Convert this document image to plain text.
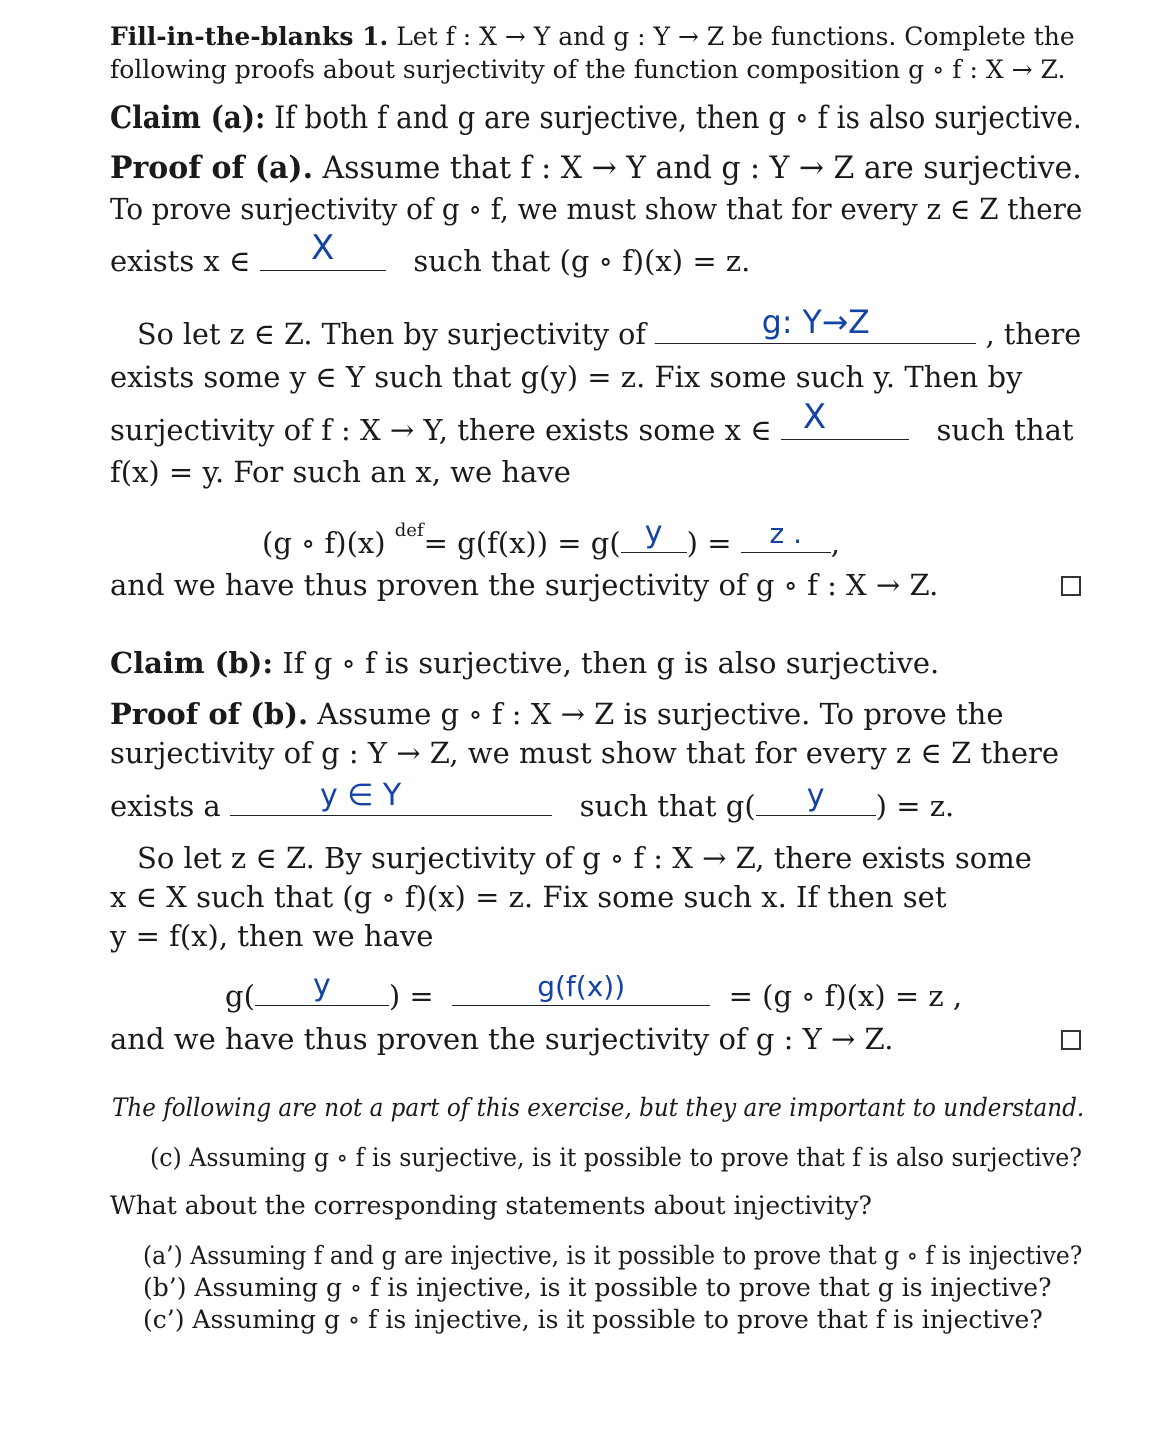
Fill-in-the-blanks 1. Let f : X → Y and g : Y → Z be functions. Complete the
following proofs about surjectivity of the function composition g ∘ f : X → Z.
Claim (a): If both f and g are surjective, then g ∘ f is also surjective.
Proof of (a). Assume that f : X → Y and g : Y → Z are surjective.
To prove surjectivity of g ∘ f, we must show that for every z ∈ Z there
exists x ∈	X	such that (g ∘ f)(x) = z.
So let z ∈ Z. Then by surjectivity of	g: Y→Z	, there
exists some y ∈ Y such that g(y) = z. Fix some such y. Then by
surjectivity of f : X → Y, there exists some x ∈ X	such that
f(x) = y. For such an x, we have
(g ∘ f)(x) $^{def}$= g(f(x)) = g( y ) =	z . ,
and we have thus proven the surjectivity of g ∘ f : X → Z.
Claim (b): If g ∘ f is surjective, then g is also surjective.
Proof of (b). Assume g ∘ f : X → Z is surjective. To prove the
surjectivity of g : Y → Z, we must show that for every z ∈ Z there
exists a	y ∈ Y	such that g(	y	) = z.
So let z ∈ Z. By surjectivity of g ∘ f : X → Z, there exists some
x ∈ X such that (g ∘ f)(x) = z. Fix some such x. If then set
y = f(x), then we have
g(	y	) =	g(f(x))	= (g ∘ f)(x) = z ,
and we have thus proven the surjectivity of g : Y → Z.
The following are not a part of this exercise, but they are important to understand.
(c) Assuming g ∘ f is surjective, is it possible to prove that f is also surjective?
What about the corresponding statements about injectivity?
(a’) Assuming f and g are injective, is it possible to prove that g ∘ f is injective?
(b’) Assuming g ∘ f is injective, is it possible to prove that g is injective?
(c’) Assuming g ∘ f is injective, is it possible to prove that f is injective?
